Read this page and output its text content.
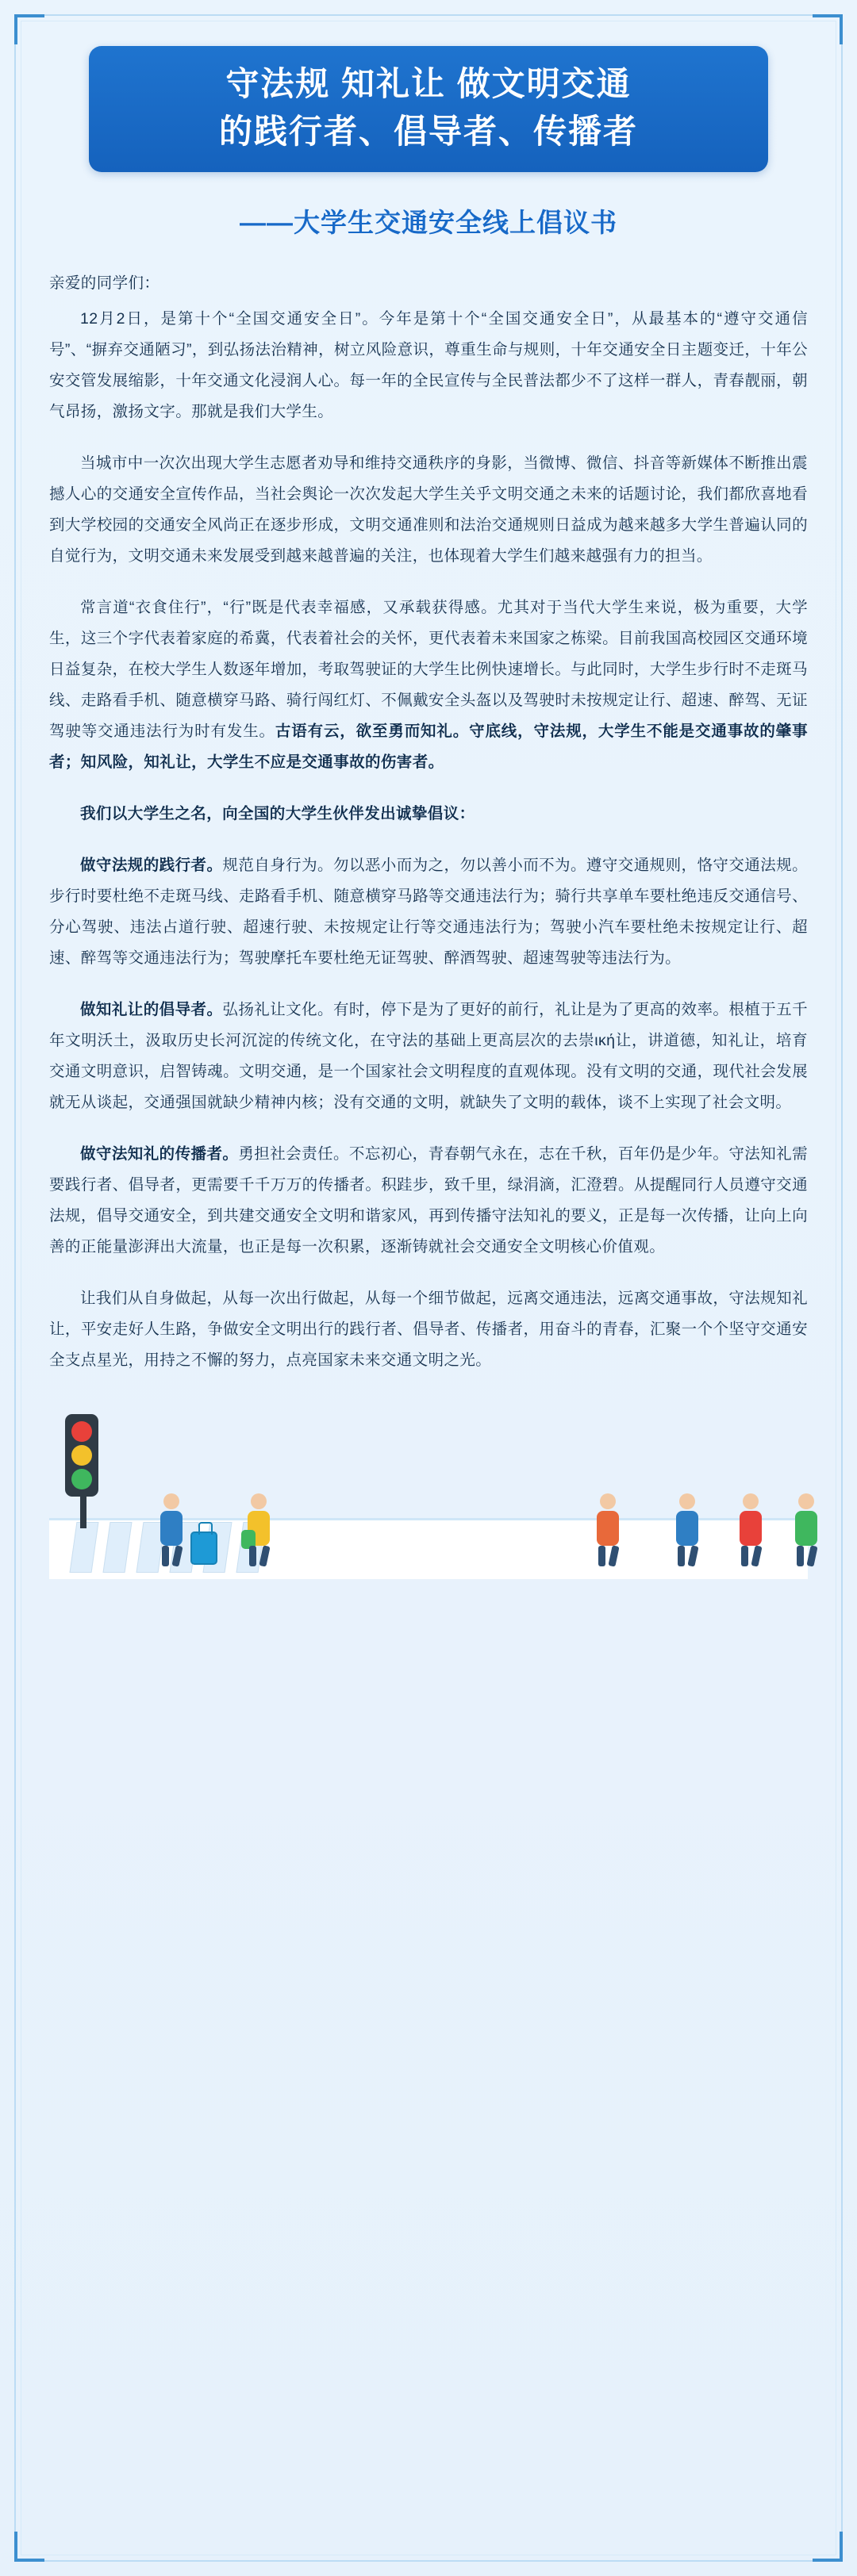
守法规 知礼让 做文明交通
的践行者、倡导者、传播者
——大学生交通安全线上倡议书

亲爱的同学们：

12月2日，是第十个“全国交通安全日”。今年是第十个“全国交通安全日”，从最基本的“遵守交通信号”、“摒弃交通陋习”，到弘扬法治精神，树立风险意识，尊重生命与规则，十年交通安全日主题变迁，十年公安交管发展缩影，十年交通文化浸润人心。每一年的全民宣传与全民普法都少不了这样一群人，青春靓丽，朝气昂扬，激扬文字。那就是我们大学生。

当城市中一次次出现大学生志愿者劝导和维持交通秩序的身影，当微博、微信、抖音等新媒体不断推出震撼人心的交通安全宣传作品，当社会舆论一次次发起大学生关乎文明交通之未来的话题讨论，我们都欣喜地看到大学校园的交通安全风尚正在逐步形成，文明交通准则和法治交通规则日益成为越来越多大学生普遍认同的自觉行为，文明交通未来发展受到越来越普遍的关注，也体现着大学生们越来越强有力的担当。

常言道“衣食住行”，“行”既是代表幸福感，又承载获得感。尤其对于当代大学生来说，极为重要，大学生，这三个字代表着家庭的希冀，代表着社会的关怀，更代表着未来国家之栋梁。目前我国高校园区交通环境日益复杂，在校大学生人数逐年增加，考取驾驶证的大学生比例快速增长。与此同时，大学生步行时不走斑马线、走路看手机、随意横穿马路、骑行闯红灯、不佩戴安全头盔以及驾驶时未按规定让行、超速、醉驾、无证驾驶等交通违法行为时有发生。古语有云，欲至勇而知礼。守底线，守法规，大学生不能是交通事故的肇事者；知风险，知礼让，大学生不应是交通事故的伤害者。

我们以大学生之名，向全国的大学生伙伴发出诚挚倡议：

做守法规的践行者。规范自身行为。勿以恶小而为之，勿以善小而不为。遵守交通规则，恪守交通法规。步行时要杜绝不走斑马线、走路看手机、随意横穿马路等交通违法行为；骑行共享单车要杜绝违反交通信号、分心驾驶、违法占道行驶、超速行驶、未按规定让行等交通违法行为；驾驶小汽车要杜绝未按规定让行、超速、醉驾等交通违法行为；驾驶摩托车要杜绝无证驾驶、醉酒驾驶、超速驾驶等违法行为。

做知礼让的倡导者。弘扬礼让文化。有时，停下是为了更好的前行，礼让是为了更高的效率。根植于五千年文明沃土，汲取历史长河沉淀的传统文化，在守法的基础上更高层次的去崇ική让，讲道德，知礼让，培育交通文明意识，启智铸魂。文明交通，是一个国家社会文明程度的直观体现。没有文明的交通，现代社会发展就无从谈起，交通强国就缺少精神内核；没有交通的文明，就缺失了文明的载体，谈不上实现了社会文明。

做守法知礼的传播者。勇担社会责任。不忘初心，青春朝气永在，志在千秋，百年仍是少年。守法知礼需要践行者、倡导者，更需要千千万万的传播者。积跬步，致千里，绿涓滴，汇澄碧。从提醒同行人员遵守交通法规，倡导交通安全，到共建交通安全文明和谐家风，再到传播守法知礼的要义，正是每一次传播，让向上向善的正能量澎湃出大流量，也正是每一次积累，逐渐铸就社会交通安全文明核心价值观。

让我们从自身做起，从每一次出行做起，从每一个细节做起，远离交通违法，远离交通事故，守法规知礼让，平安走好人生路，争做安全文明出行的践行者、倡导者、传播者，用奋斗的青春，汇聚一个个坚守交通安全支点星光，用持之不懈的努力，点亮国家未来交通文明之光。
